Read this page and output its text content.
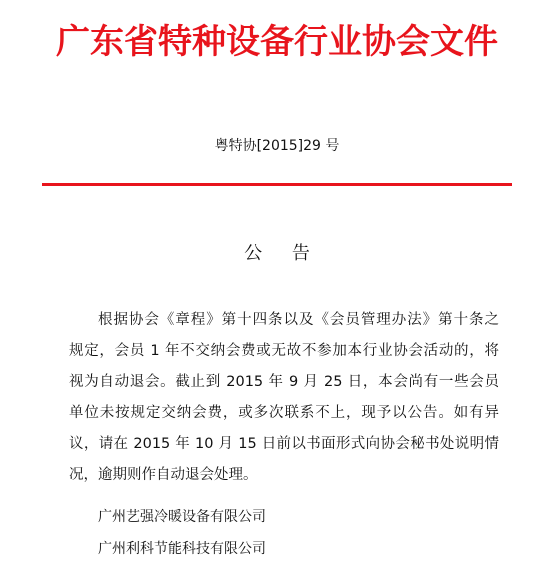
广东省特种设备行业协会文件
粤特协[2015]29 号
公 告
根据协会《章程》第十四条以及《会员管理办法》第十条之
规定，会员 1 年不交纳会费或无故不参加本行业协会活动的，将
视为自动退会。截止到 2015 年 9 月 25 日，本会尚有一些会员
单位未按规定交纳会费，或多次联系不上，现予以公告。如有异
议，请在 2015 年 10 月 15 日前以书面形式向协会秘书处说明情
况，逾期则作自动退会处理。
广州艺强冷暖设备有限公司
广州利科节能科技有限公司
